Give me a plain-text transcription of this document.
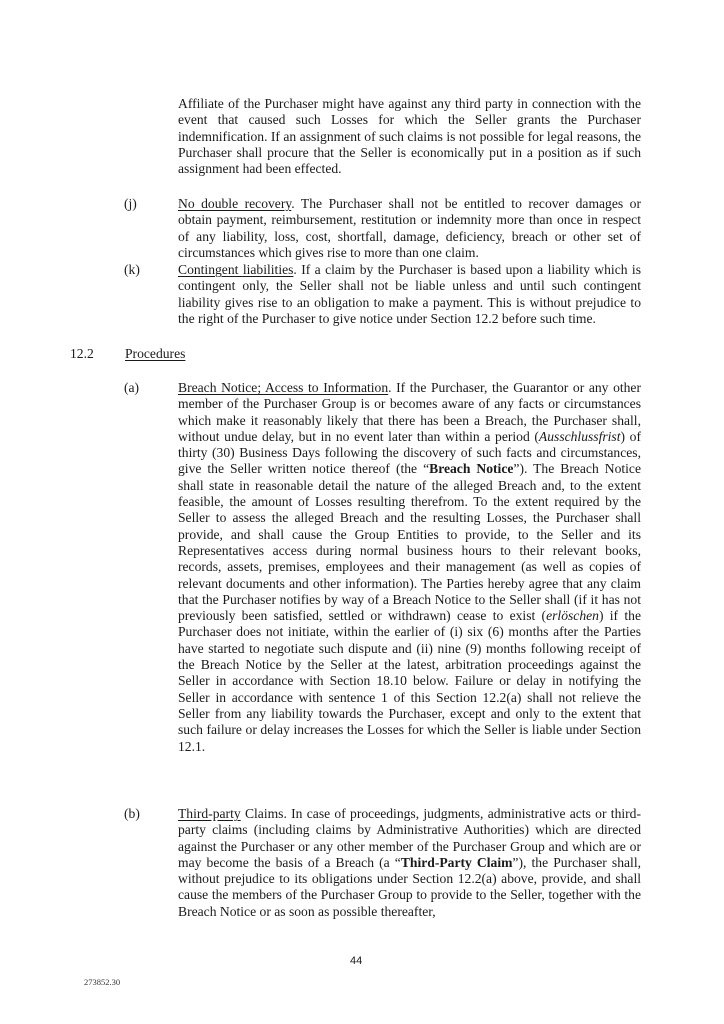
Affiliate of the Purchaser might have against any third party in connection with the event that caused such Losses for which the Seller grants the Purchaser indemnification. If an assignment of such claims is not possible for legal reasons, the Purchaser shall procure that the Seller is economically put in a position as if such assignment had been effected.
(j)	No double recovery. The Purchaser shall not be entitled to recover damages or obtain payment, reimbursement, restitution or indemnity more than once in respect of any liability, loss, cost, shortfall, damage, deficiency, breach or other set of circumstances which gives rise to more than one claim.
(k)	Contingent liabilities. If a claim by the Purchaser is based upon a liability which is contingent only, the Seller shall not be liable unless and until such contingent liability gives rise to an obligation to make a payment. This is without prejudice to the right of the Purchaser to give notice under Section 12.2 before such time.
12.2 Procedures
(a)	Breach Notice; Access to Information. If the Purchaser, the Guarantor or any other member of the Purchaser Group is or becomes aware of any facts or circumstances which make it reasonably likely that there has been a Breach, the Purchaser shall, without undue delay, but in no event later than within a period (Ausschlussfrist) of thirty (30) Business Days following the discovery of such facts and circumstances, give the Seller written notice thereof (the “Breach Notice”). The Breach Notice shall state in reasonable detail the nature of the alleged Breach and, to the extent feasible, the amount of Losses resulting therefrom. To the extent required by the Seller to assess the alleged Breach and the resulting Losses, the Purchaser shall provide, and shall cause the Group Entities to provide, to the Seller and its Representatives access during normal business hours to their relevant books, records, assets, premises, employees and their management (as well as copies of relevant documents and other information). The Parties hereby agree that any claim that the Purchaser notifies by way of a Breach Notice to the Seller shall (if it has not previously been satisfied, settled or withdrawn) cease to exist (erlöschen) if the Purchaser does not initiate, within the earlier of (i) six (6) months after the Parties have started to negotiate such dispute and (ii) nine (9) months following receipt of the Breach Notice by the Seller at the latest, arbitration proceedings against the Seller in accordance with Section 18.10 below. Failure or delay in notifying the Seller in accordance with sentence 1 of this Section 12.2(a) shall not relieve the Seller from any liability towards the Purchaser, except and only to the extent that such failure or delay increases the Losses for which the Seller is liable under Section 12.1.
(b)	Third-party Claims. In case of proceedings, judgments, administrative acts or third-party claims (including claims by Administrative Authorities) which are directed against the Purchaser or any other member of the Purchaser Group and which are or may become the basis of a Breach (a “Third-Party Claim”), the Purchaser shall, without prejudice to its obligations under Section 12.2(a) above, provide, and shall cause the members of the Purchaser Group to provide to the Seller, together with the Breach Notice or as soon as possible thereafter,
44
273852.30
